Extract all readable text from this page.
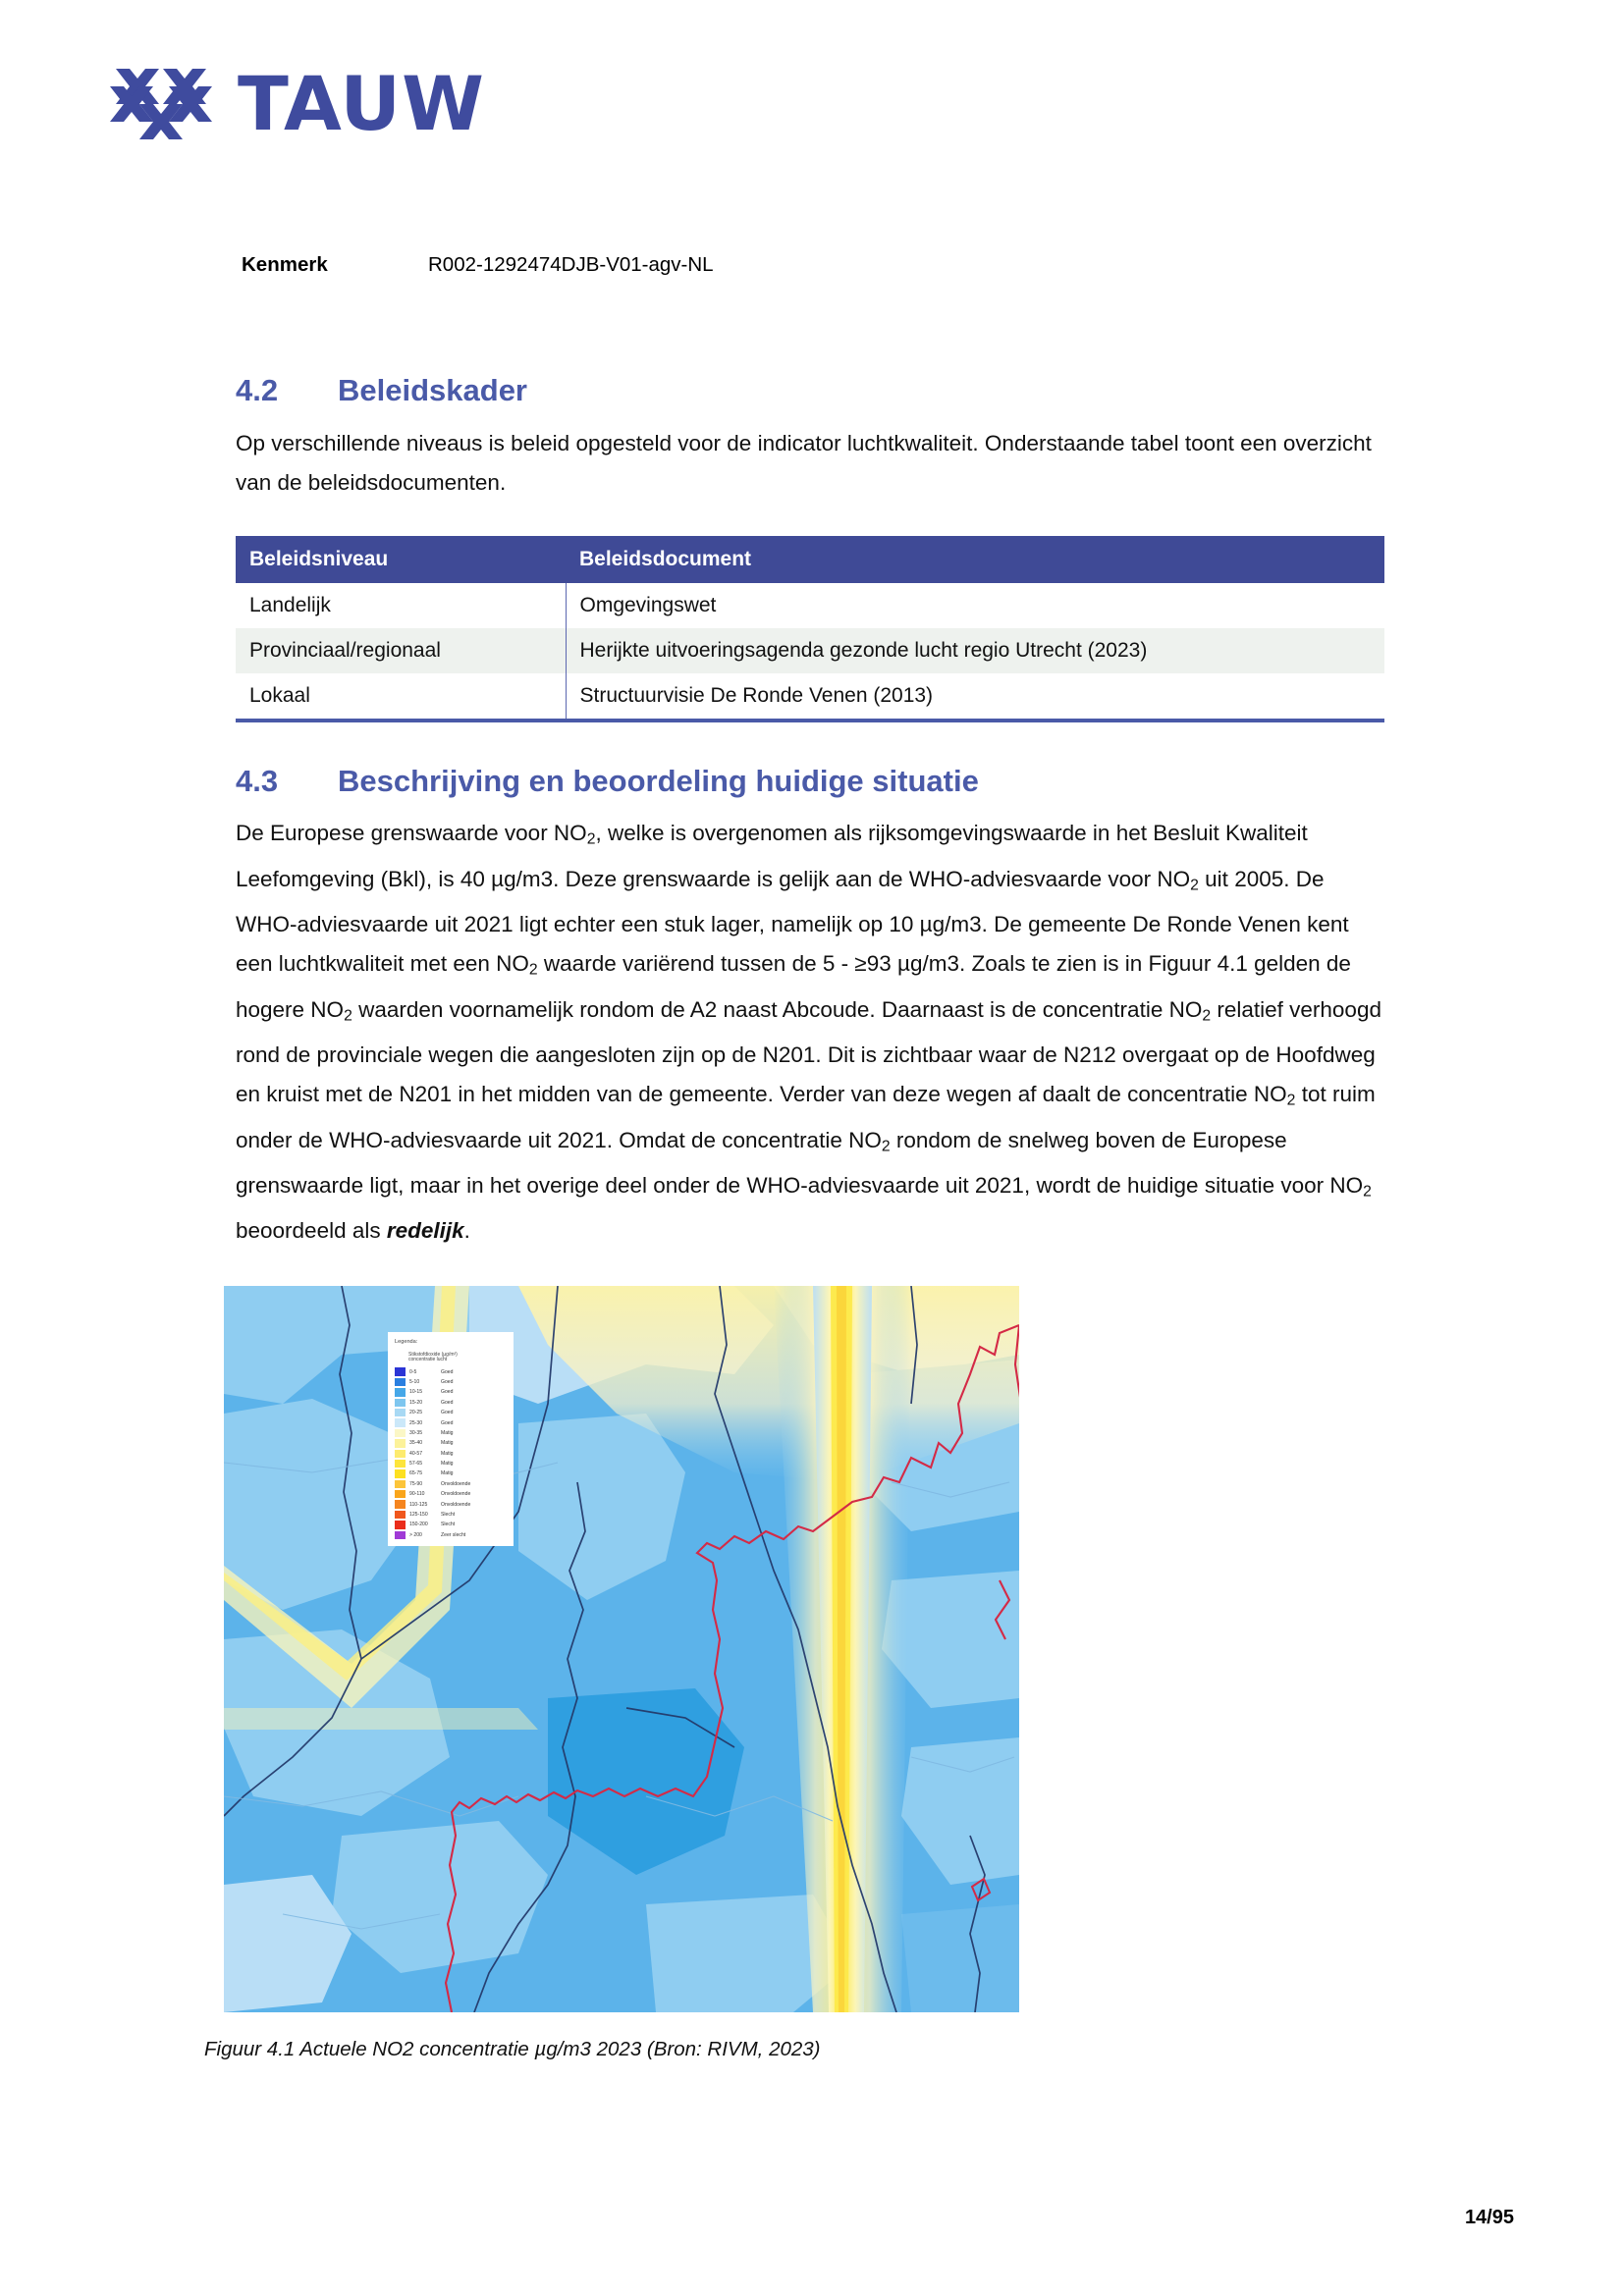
TAUW
Kenmerk	R002-1292474DJB-V01-agv-NL
4.2	Beleidskader

Op verschillende niveaus is beleid opgesteld voor de indicator luchtkwaliteit. Onderstaande tabel toont een overzicht van de beleidsdocumenten.

Beleidsniveau	Beleidsdocument
Landelijk	Omgevingswet
Provinciaal/regionaal	Herijkte uitvoeringsagenda gezonde lucht regio Utrecht (2023)
Lokaal	Structuurvisie De Ronde Venen (2013)
4.3	Beschrijving en beoordeling huidige situatie

De Europese grenswaarde voor $NO_2$, welke is overgenomen als rijksomgevingswaarde in het Besluit Kwaliteit Leefomgeving (Bkl), is 40 µg/m3. Deze grenswaarde is gelijk aan de WHO-adviesvaarde voor $NO_2$ uit 2005. De WHO-adviesvaarde uit 2021 ligt echter een stuk lager, namelijk op 10 µg/m3. De gemeente De Ronde Venen kent een luchtkwaliteit met een $NO_2$ waarde variërend tussen de 5 - ≥93 µg/m3. Zoals te zien is in Figuur 4.1 gelden de hogere $NO_2$ waarden voornamelijk rondom de A2 naast Abcoude. Daarnaast is de concentratie $NO_2$ relatief verhoogd rond de provinciale wegen die aangesloten zijn op de N201. Dit is zichtbaar waar de N212 overgaat op de Hoofdweg en kruist met de N201 in het midden van de gemeente. Verder van deze wegen af daalt de concentratie $NO_2$ tot ruim onder de WHO-adviesvaarde uit 2021. Omdat de concentratie $NO_2$ rondom de snelweg boven de Europese grenswaarde ligt, maar in het overige deel onder de WHO-adviesvaarde uit 2021, wordt de huidige situatie voor $NO_2$ beoordeeld als redelijk.

Legenda:
Stikstofdioxide (µg/m³)
concentratie lucht
0-5	Goed
5-10	Goed
10-15	Goed
15-20	Goed
20-25	Goed
25-30	Goed
30-35	Matig
35-40	Matig
40-57	Matig
57-65	Matig
65-75	Matig
75-90	Onvoldoende
90-110	Onvoldoende
110-125	Onvoldoende
125-150	Slecht
150-200	Slecht
> 200	Zeer slecht
Figuur 4.1 Actuele NO2 concentratie µg/m3 2023 (Bron: RIVM, 2023)
14/95
